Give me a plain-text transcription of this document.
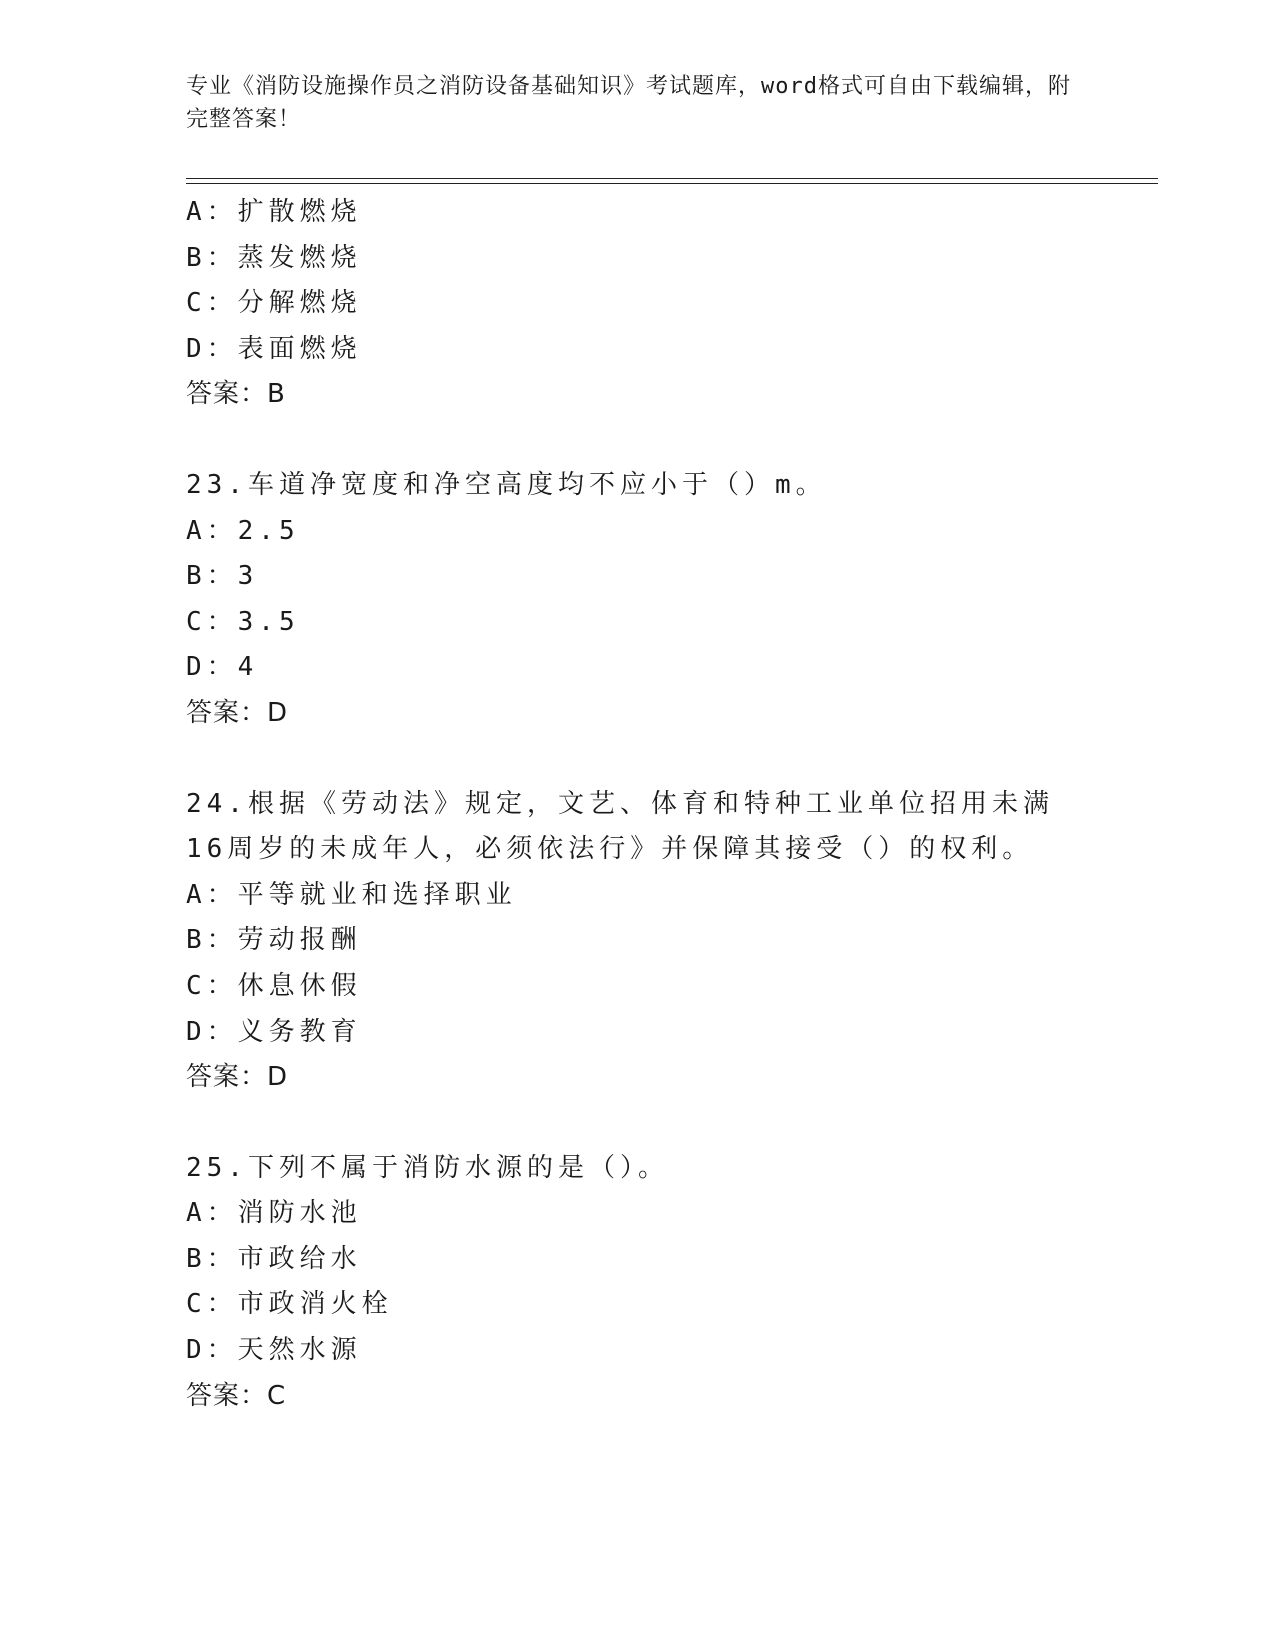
专业《消防设施操作员之消防设备基础知识》考试题库，word格式可自由下载编辑，附完整答案！
A：扩散燃烧
B：蒸发燃烧
C：分解燃烧
D：表面燃烧
答案：B
23.车道净宽度和净空高度均不应小于（）m。
A：2.5
B：3
C：3.5
D：4
答案：D
24.根据《劳动法》规定，文艺、体育和特种工业单位招用未满16周岁的未成年人，必须依法行》并保障其接受（）的权利。
A：平等就业和选择职业
B：劳动报酬
C：休息休假
D：义务教育
答案：D
25.下列不属于消防水源的是（）。
A：消防水池
B：市政给水
C：市政消火栓
D：天然水源
答案：C
